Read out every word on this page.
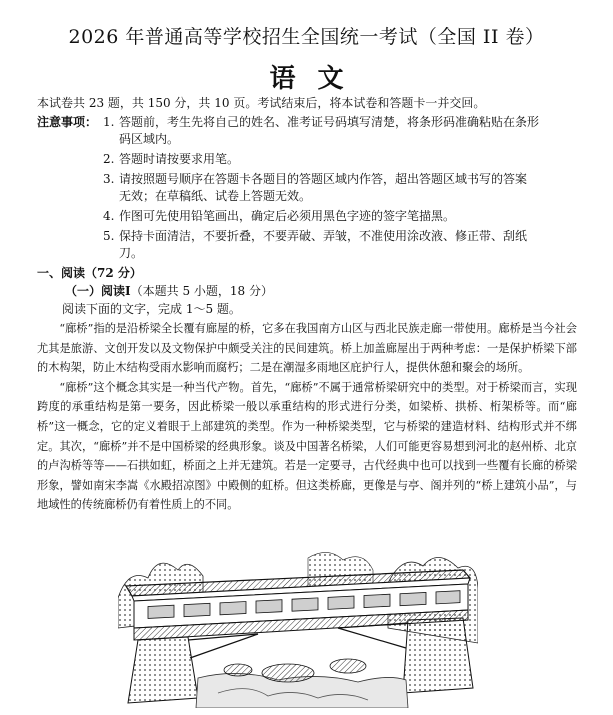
2026 年普通高等学校招生全国统一考试（全国 II 卷）
语文
本试卷共 23 题，共 150 分，共 10 页。考试结束后，将本试卷和答题卡一并交回。
注意事项： 1. 答题前，考生先将自己的姓名、准考证号码填写清楚，将条形码准确粘贴在条形
码区域内。
2. 答题时请按要求用笔。
3. 请按照题号顺序在答题卡各题目的答题区域内作答，超出答题区域书写的答案
无效；在草稿纸、试卷上答题无效。
4. 作图可先使用铅笔画出，确定后必须用黑色字迹的签字笔描黑。
5. 保持卡面清洁，不要折叠，不要弄破、弄皱，不准使用涂改液、修正带、刮纸
刀。
一、阅读（72 分）
（一）阅读Ⅰ（本题共 5 小题，18 分）
阅读下面的文字，完成 1～5 题。

“廊桥”指的是沿桥梁全长覆有廊屋的桥，它多在我国南方山区与西北民族走廊一带使用。廊桥是当今社会尤其是旅游、文创开发以及文物保护中颇受关注的民间建筑。桥上加盖廊屋出于两种考虑：一是保护桥梁下部的木构架，防止木结构受雨水影响而腐朽；二是在潮湿多雨地区庇护行人，提供休憩和聚会的场所。

“廊桥”这个概念其实是一种当代产物。首先，“廊桥”不属于通常桥梁研究中的类型。对于桥梁而言，实现跨度的承重结构是第一要务，因此桥梁一般以承重结构的形式进行分类，如梁桥、拱桥、桁架桥等。而“廊桥”这一概念，它的定义着眼于上部建筑的类型。作为一种桥梁类型，它与桥梁的建造材料、结构形式并不绑定。其次，“廊桥”并不是中国桥梁的经典形象。谈及中国著名桥梁，人们可能更容易想到河北的赵州桥、北京的卢沟桥等等——石拱如虹，桥面之上并无建筑。若是一定要寻，古代经典中也可以找到一些覆有长廊的桥梁形象，譬如南宋李嵩《水殿招凉图》中殿侧的虹桥。但这类桥廊，更像是与亭、阁并列的“桥上建筑小品”，与地域性的传统廊桥仍有着性质上的不同。
